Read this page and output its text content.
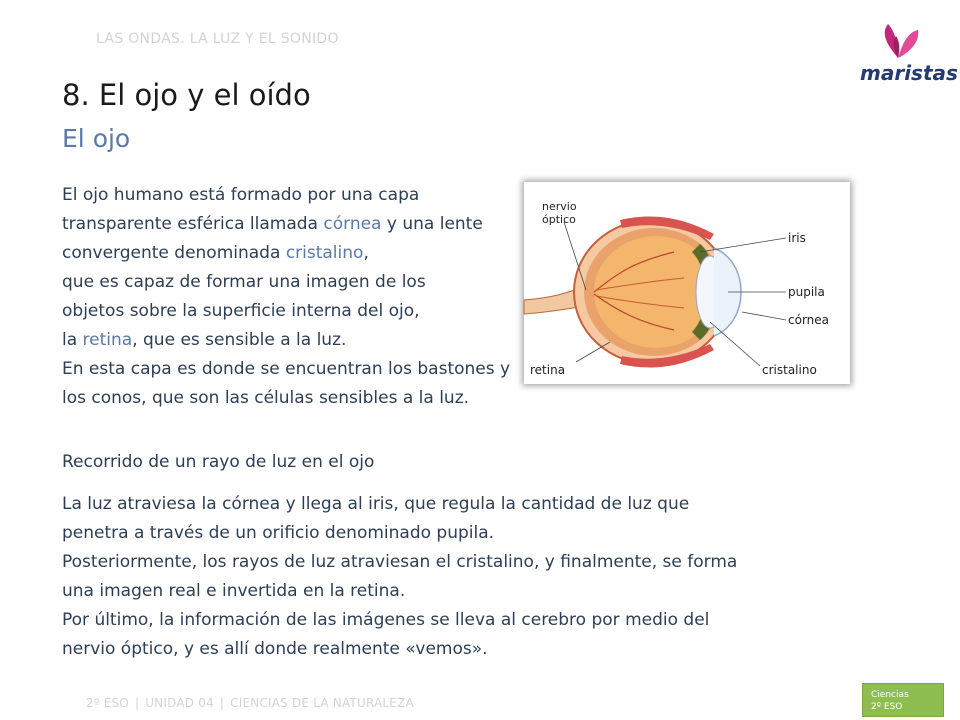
LAS ONDAS. LA LUZ Y EL SONIDO
maristas
8. El ojo y el oído
El ojo
El ojo humano está formado por una capa
transparente esférica llamada córnea y una lente
convergente denominada cristalino,
que es capaz de formar una imagen de los
objetos sobre la superficie interna del ojo,
la retina, que es sensible a la luz.
En esta capa es donde se encuentran los bastones y
los conos, que son las células sensibles a la luz.
nervio
óptico
iris
pupila
córnea
retina	cristalino
Recorrido de un rayo de luz en el ojo
La luz atraviesa la córnea y llega al iris, que regula la cantidad de luz que
penetra a través de un orificio denominado pupila.
Posteriormente, los rayos de luz atraviesan el cristalino, y finalmente, se forma
una imagen real e invertida en la retina.
Por último, la información de las imágenes se lleva al cerebro por medio del
nervio óptico, y es allí donde realmente «vemos».
2º ESO | UNIDAD 04 | CIENCIAS DE LA NATURALEZA
Ciencias
2º ESO
